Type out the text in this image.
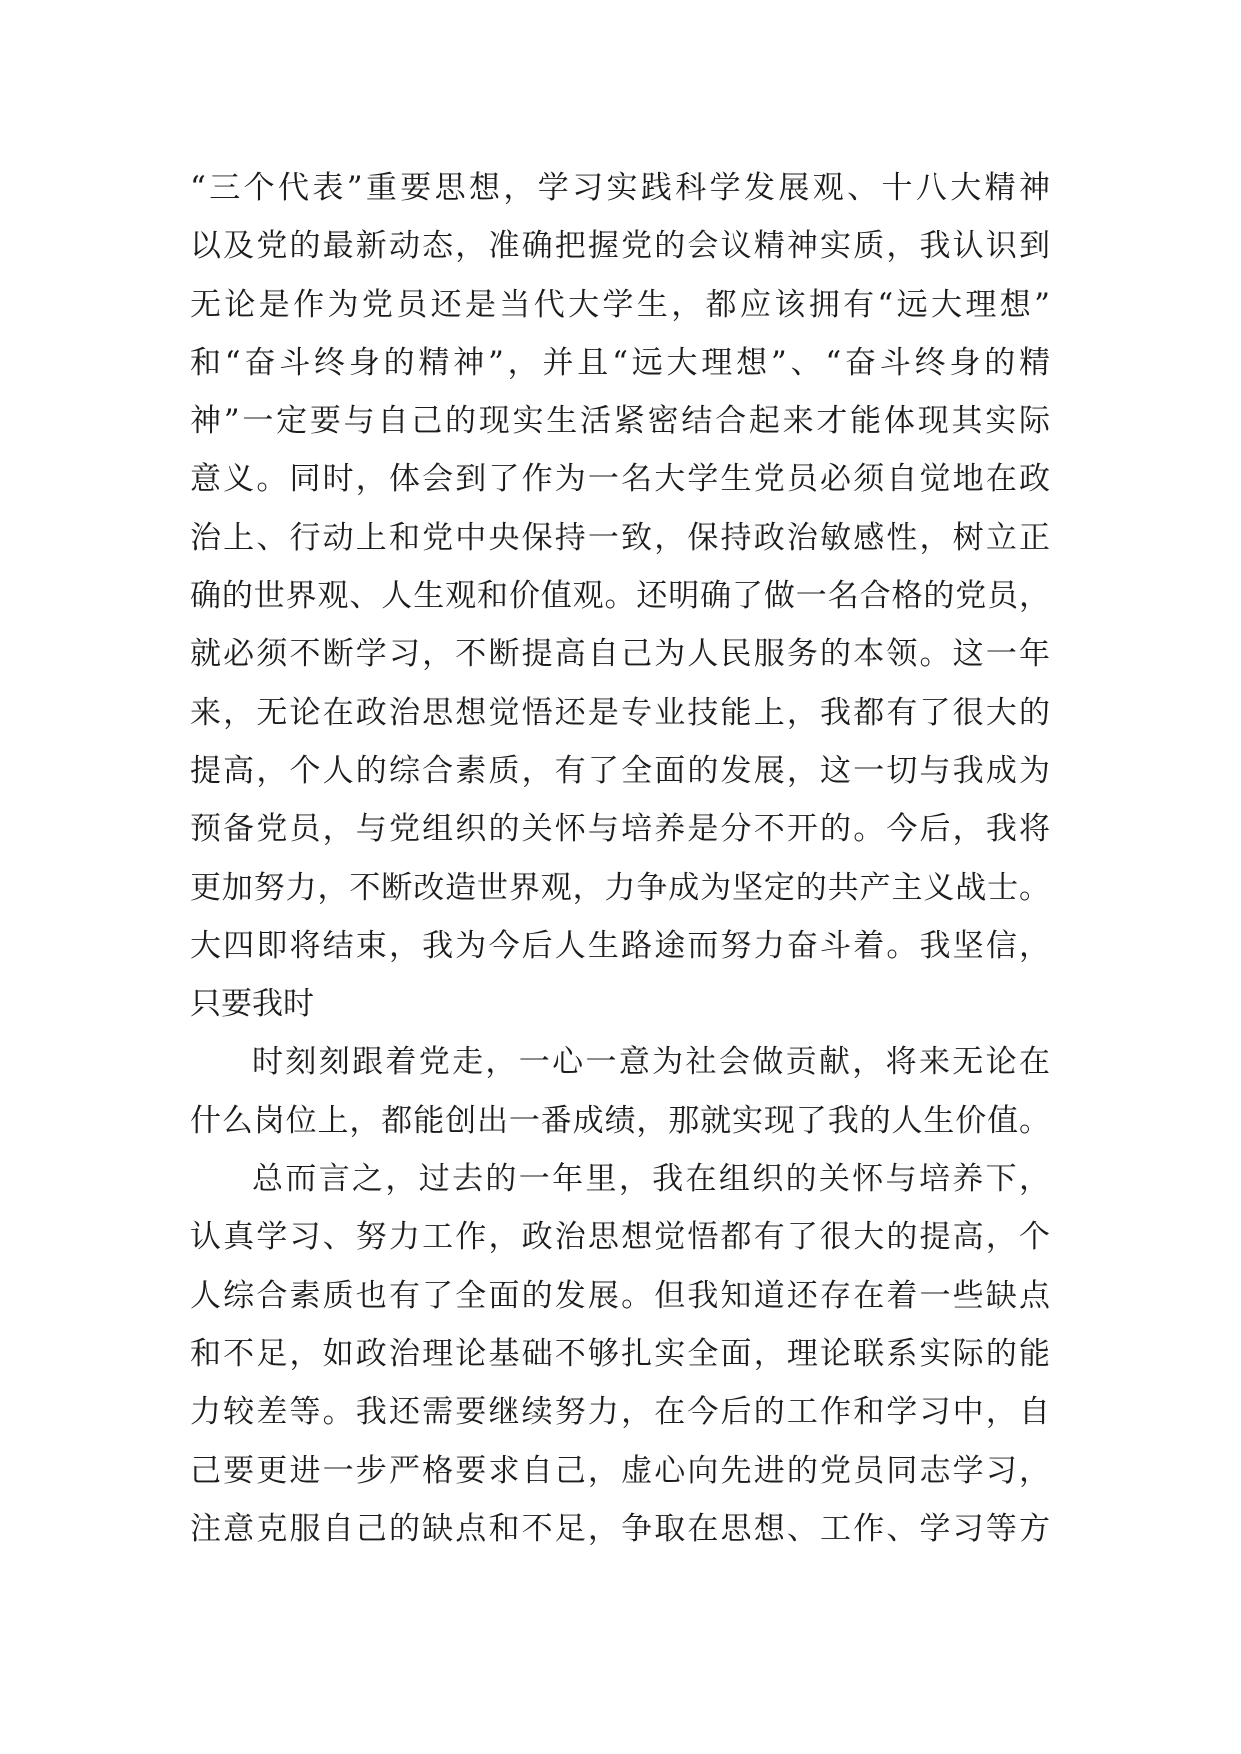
“三个代表”重要思想，学习实践科学发展观、十八大精神
以及党的最新动态，准确把握党的会议精神实质，我认识到
无论是作为党员还是当代大学生，都应该拥有“远大理想”
和“奋斗终身的精神”，并且“远大理想”、“奋斗终身的精
神”一定要与自己的现实生活紧密结合起来才能体现其实际
意义。同时，体会到了作为一名大学生党员必须自觉地在政
治上、行动上和党中央保持一致，保持政治敏感性，树立正
确的世界观、人生观和价值观。还明确了做一名合格的党员，
就必须不断学习，不断提高自己为人民服务的本领。这一年
来，无论在政治思想觉悟还是专业技能上，我都有了很大的
提高，个人的综合素质，有了全面的发展，这一切与我成为
预备党员，与党组织的关怀与培养是分不开的。今后，我将
更加努力，不断改造世界观，力争成为坚定的共产主义战士。
大四即将结束，我为今后人生路途而努力奋斗着。我坚信，
只要我时
时刻刻跟着党走，一心一意为社会做贡献，将来无论在
什么岗位上，都能创出一番成绩，那就实现了我的人生价值。
总而言之，过去的一年里，我在组织的关怀与培养下，
认真学习、努力工作，政治思想觉悟都有了很大的提高，个
人综合素质也有了全面的发展。但我知道还存在着一些缺点
和不足，如政治理论基础不够扎实全面，理论联系实际的能
力较差等。我还需要继续努力，在今后的工作和学习中，自
己要更进一步严格要求自己，虚心向先进的党员同志学习，
注意克服自己的缺点和不足，争取在思想、工作、学习等方
